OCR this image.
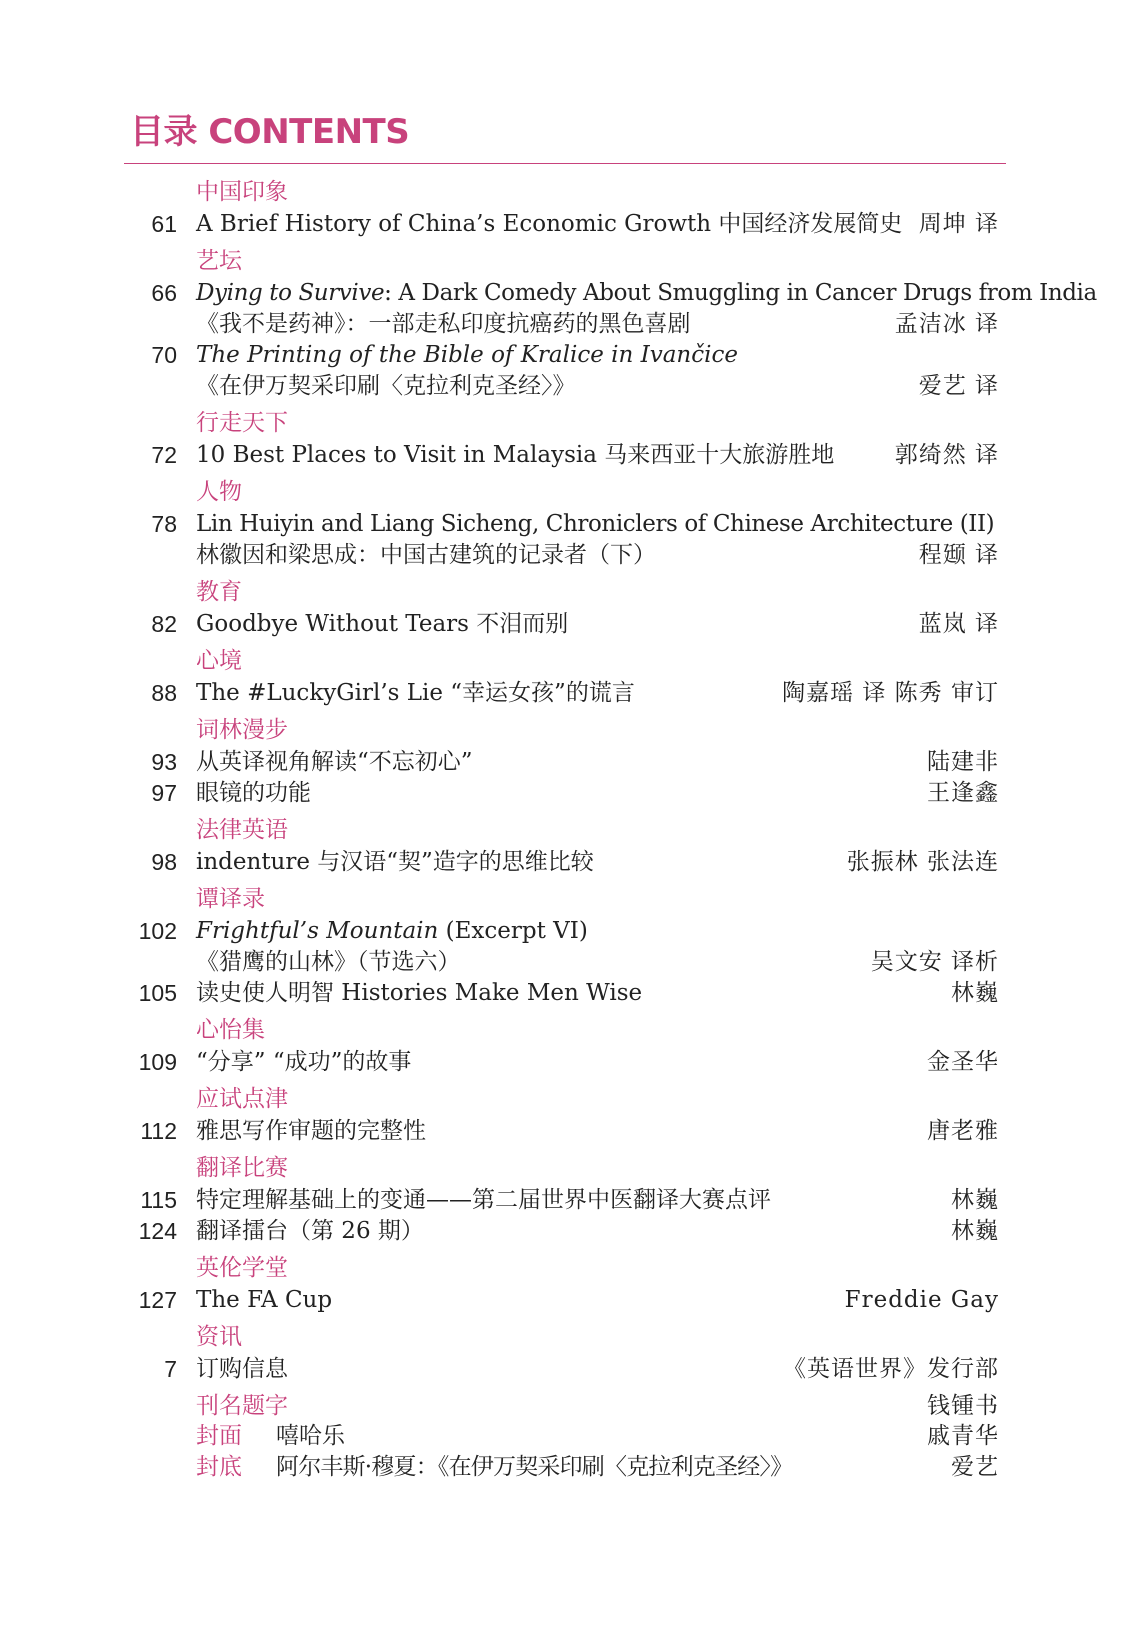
目录 CONTENTS
中国印象
61 A Brief History of China’s Economic Growth 中国经济发展简史 周坤 译
艺坛
66 Dying to Survive: A Dark Comedy About Smuggling in Cancer Drugs from India
《我不是药神》：一部走私印度抗癌药的黑色喜剧	孟洁冰 译
70 The Printing of the Bible of Kralice in Ivančice
《在伊万契采印刷〈克拉利克圣经〉》	爱艺 译
行走天下
72 10 Best Places to Visit in Malaysia 马来西亚十大旅游胜地	郭绮然 译
人物
78 Lin Huiyin and Liang Sicheng, Chroniclers of Chinese Architecture (II)
林徽因和梁思成：中国古建筑的记录者（下）	程颋 译
教育
82 Goodbye Without Tears 不泪而别	蓝岚 译
心境
88 The #LuckyGirl’s Lie “幸运女孩”的谎言	陶嘉瑶 译 陈秀 审订
词林漫步
93 从英译视角解读“不忘初心”	陆建非
97 眼镜的功能	王逢鑫
法律英语
98 indenture 与汉语“契”造字的思维比较	张振林 张法连
谭译录
102 Frightful’s Mountain (Excerpt VI)
《猎鹰的山林》（节选六）	吴文安 译析
105 读史使人明智 Histories Make Men Wise	林巍
心怡集
109 “分享” “成功”的故事	金圣华
应试点津
112 雅思写作审题的完整性	唐老雅
翻译比赛
115 特定理解基础上的变通——第二届世界中医翻译大赛点评	林巍
124 翻译擂台（第 26 期）	林巍
英伦学堂
127 The FA Cup	Freddie Gay
资讯
7 订购信息	《英语世界》发行部
刊名题字	钱锺书
封面 嘻哈乐	戚青华
封底 阿尔丰斯·穆夏：《在伊万契采印刷〈克拉利克圣经〉》	爱艺
